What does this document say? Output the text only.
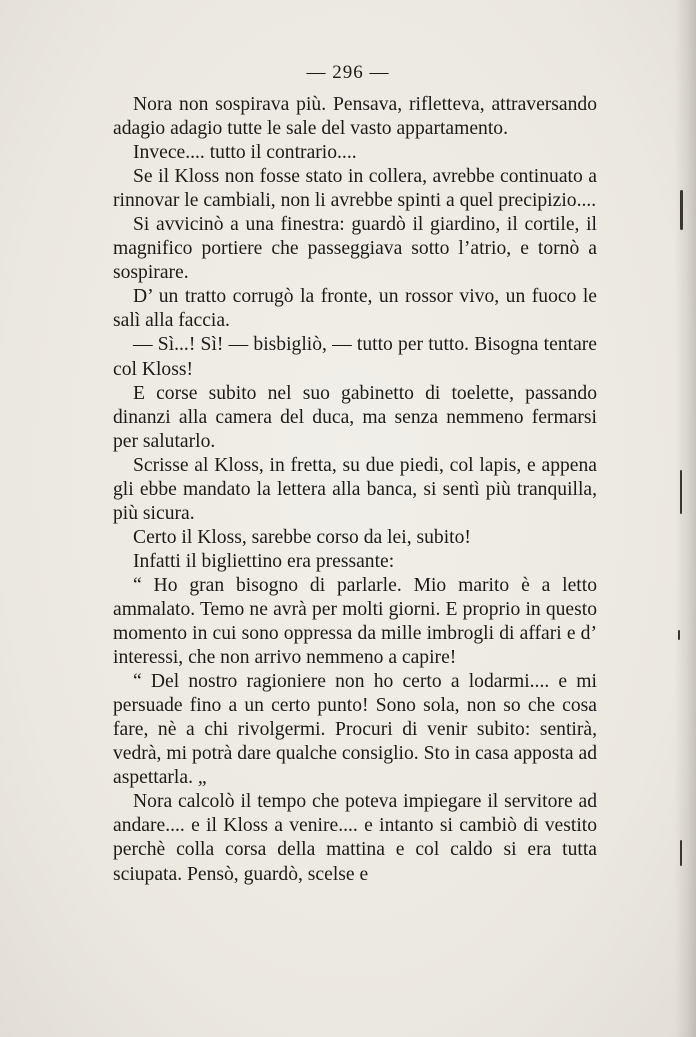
— 296 —

Nora non sospirava più. Pensava, rifletteva, attraversando adagio adagio tutte le sale del vasto appartamento.

Invece.... tutto il contrario....

Se il Kloss non fosse stato in collera, avrebbe continuato a rinnovar le cambiali, non li avrebbe spinti a quel precipizio....

Si avvicinò a una finestra: guardò il giardino, il cortile, il magnifico portiere che passeggiava sotto l’atrio, e tornò a sospirare.

D’ un tratto corrugò la fronte, un rossor vivo, un fuoco le salì alla faccia.

— Sì...! Sì! — bisbigliò, — tutto per tutto. Bisogna tentare col Kloss!

E corse subito nel suo gabinetto di toelette, passando dinanzi alla camera del duca, ma senza nemmeno fermarsi per salutarlo.

Scrisse al Kloss, in fretta, su due piedi, col lapis, e appena gli ebbe mandato la lettera alla banca, si sentì più tranquilla, più sicura.

Certo il Kloss, sarebbe corso da lei, subito!

Infatti il bigliettino era pressante:

“ Ho gran bisogno di parlarle. Mio marito è a letto ammalato. Temo ne avrà per molti giorni. E proprio in questo momento in cui sono oppressa da mille imbrogli di affari e d’ interessi, che non arrivo nemmeno a capire!

“ Del nostro ragioniere non ho certo a lodarmi.... e mi persuade fino a un certo punto! Sono sola, non so che cosa fare, nè a chi rivolgermi. Procuri di venir subito: sentirà, vedrà, mi potrà dare qualche consiglio. Sto in casa apposta ad aspettarla. „

Nora calcolò il tempo che poteva impiegare il servitore ad andare.... e il Kloss a venire.... e intanto si cambiò di vestito perchè colla corsa della mattina e col caldo si era tutta sciupata. Pensò, guardò, scelse e
